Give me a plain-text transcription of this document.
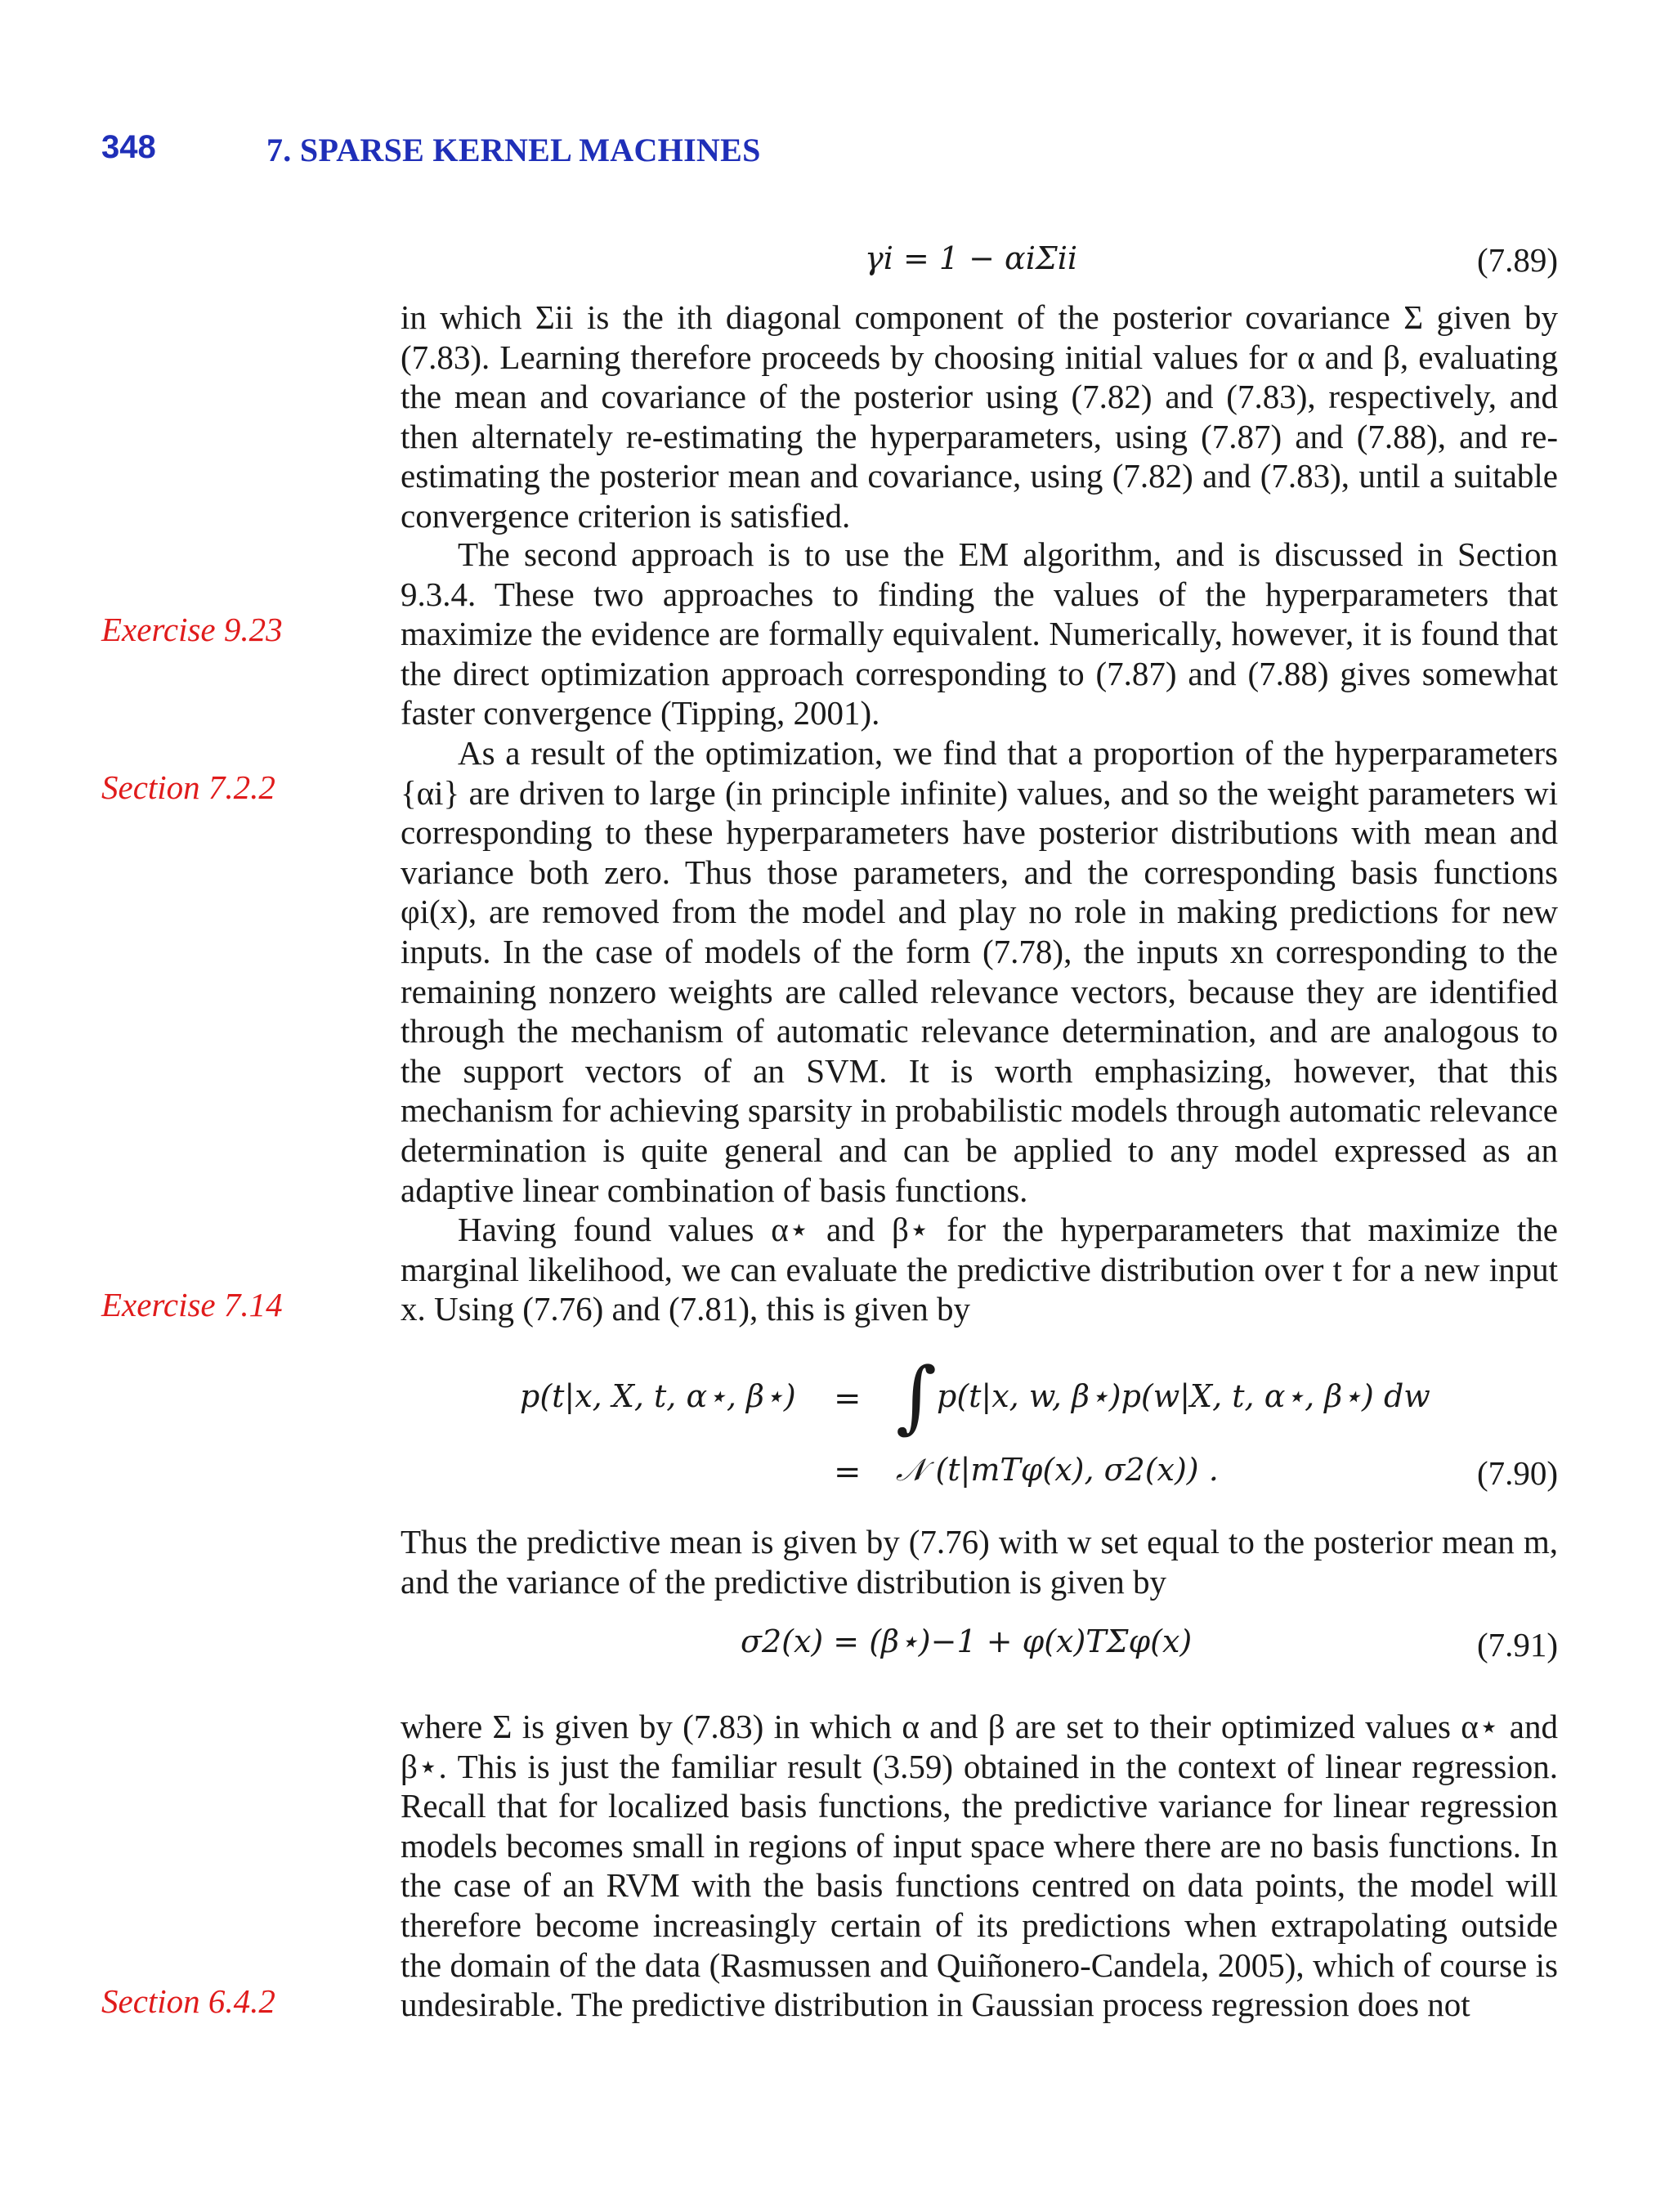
348	7. SPARSE KERNEL MACHINES
γi = 1 − αiΣii	(7.89)
in which Σii is the ith diagonal component of the posterior covariance Σ given by (7.83). Learning therefore proceeds by choosing initial values for α and β, evaluating the mean and covariance of the posterior using (7.82) and (7.83), respectively, and then alternately re-estimating the hyperparameters, using (7.87) and (7.88), and re-estimating the posterior mean and covariance, using (7.82) and (7.83), until a suitable convergence criterion is satisfied.
The second approach is to use the EM algorithm, and is discussed in Section 9.3.4. These two approaches to finding the values of the hyperparameters that maximize the evidence are formally equivalent. Numerically, however, it is found that the direct optimization approach corresponding to (7.87) and (7.88) gives somewhat faster convergence (Tipping, 2001).
Exercise 9.23
As a result of the optimization, we find that a proportion of the hyperparameters {αi} are driven to large (in principle infinite) values, and so the weight parameters wi corresponding to these hyperparameters have posterior distributions with mean and variance both zero. Thus those parameters, and the corresponding basis functions φi(x), are removed from the model and play no role in making predictions for new inputs. In the case of models of the form (7.78), the inputs xn corresponding to the remaining nonzero weights are called relevance vectors, because they are identified through the mechanism of automatic relevance determination, and are analogous to the support vectors of an SVM. It is worth emphasizing, however, that this mechanism for achieving sparsity in probabilistic models through automatic relevance determination is quite general and can be applied to any model expressed as an adaptive linear combination of basis functions.
Section 7.2.2
Having found values α⋆ and β⋆ for the hyperparameters that maximize the marginal likelihood, we can evaluate the predictive distribution over t for a new input x. Using (7.76) and (7.81), this is given by
Exercise 7.14
p(t|x, X, t, α⋆, β⋆) = ∫ p(t|x, w, β⋆)p(w|X, t, α⋆, β⋆) dw
= 𝒩 (t|mTφ(x), σ2(x)) .	(7.90)
Thus the predictive mean is given by (7.76) with w set equal to the posterior mean m, and the variance of the predictive distribution is given by
σ2(x) = (β⋆)−1 + φ(x)TΣφ(x)	(7.91)
where Σ is given by (7.83) in which α and β are set to their optimized values α⋆ and β⋆. This is just the familiar result (3.59) obtained in the context of linear regression. Recall that for localized basis functions, the predictive variance for linear regression models becomes small in regions of input space where there are no basis functions. In the case of an RVM with the basis functions centred on data points, the model will therefore become increasingly certain of its predictions when extrapolating outside the domain of the data (Rasmussen and Quiñonero-Candela, 2005), which of course is undesirable. The predictive distribution in Gaussian process regression does not
Section 6.4.2
